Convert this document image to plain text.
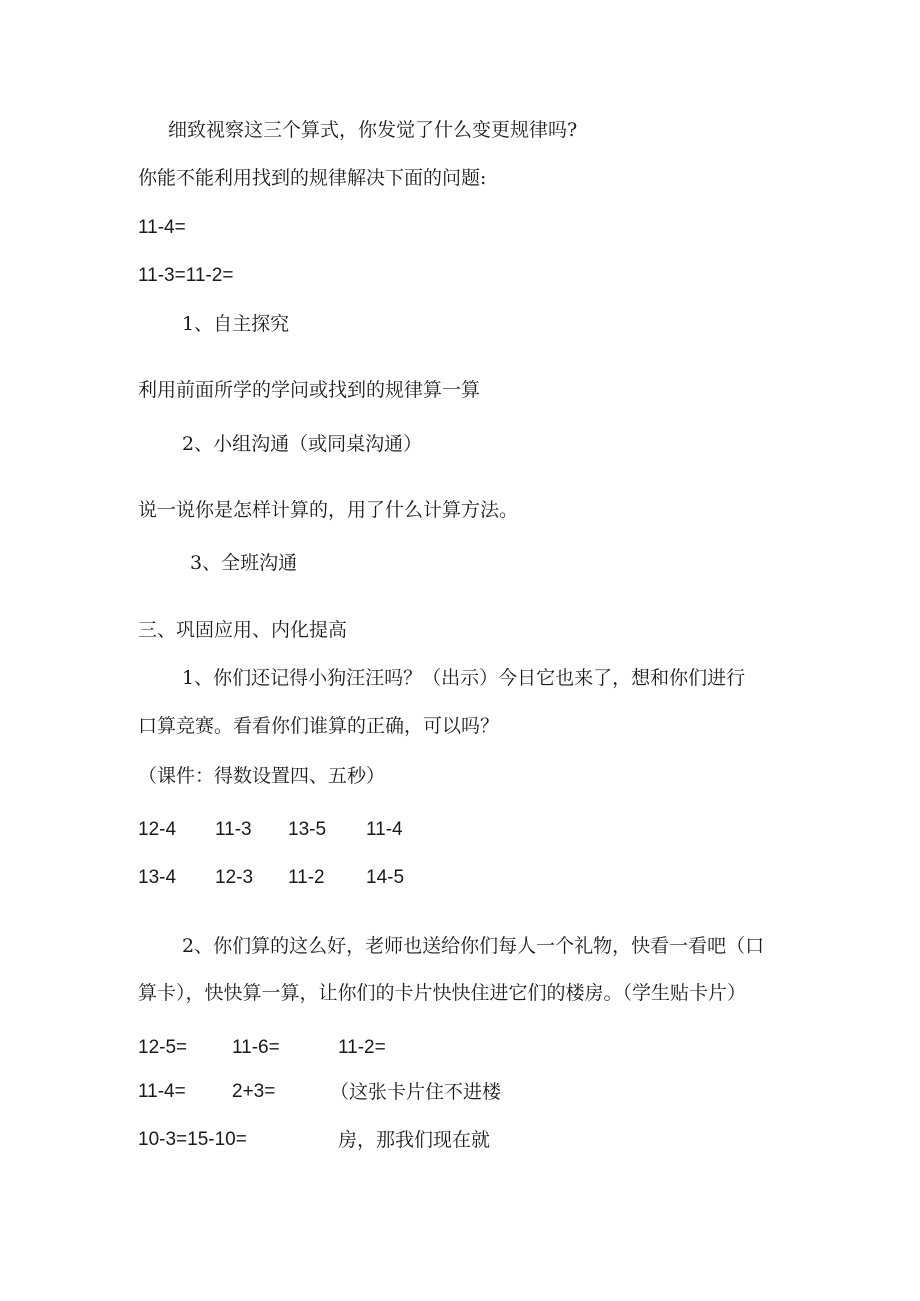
细致视察这三个算式，你发觉了什么变更规律吗?
你能不能利用找到的规律解决下面的问题:
11-4=
11-3=11-2=
1、自主探究
利用前面所学的学问或找到的规律算一算
2、小组沟通（或同桌沟通）
说一说你是怎样计算的，用了什么计算方法。
3、全班沟通
三、巩固应用、内化提高
1、你们还记得小狗汪汪吗？（出示）今日它也来了，想和你们进行
口算竞赛。看看你们谁算的正确，可以吗？
（课件：得数设置四、五秒）
12-4 11-3 13-5 11-4
13-4 12-3 11-2 14-5
2、你们算的这么好，老师也送给你们每人一个礼物，快看一看吧（口
算卡），快快算一算，让你们的卡片快快住进它们的楼房。（学生贴卡片）
12-5= 11-6=	11-2=
11-4= 2+3=	（这张卡片住不进楼
10-3=15-10=	房，那我们现在就
